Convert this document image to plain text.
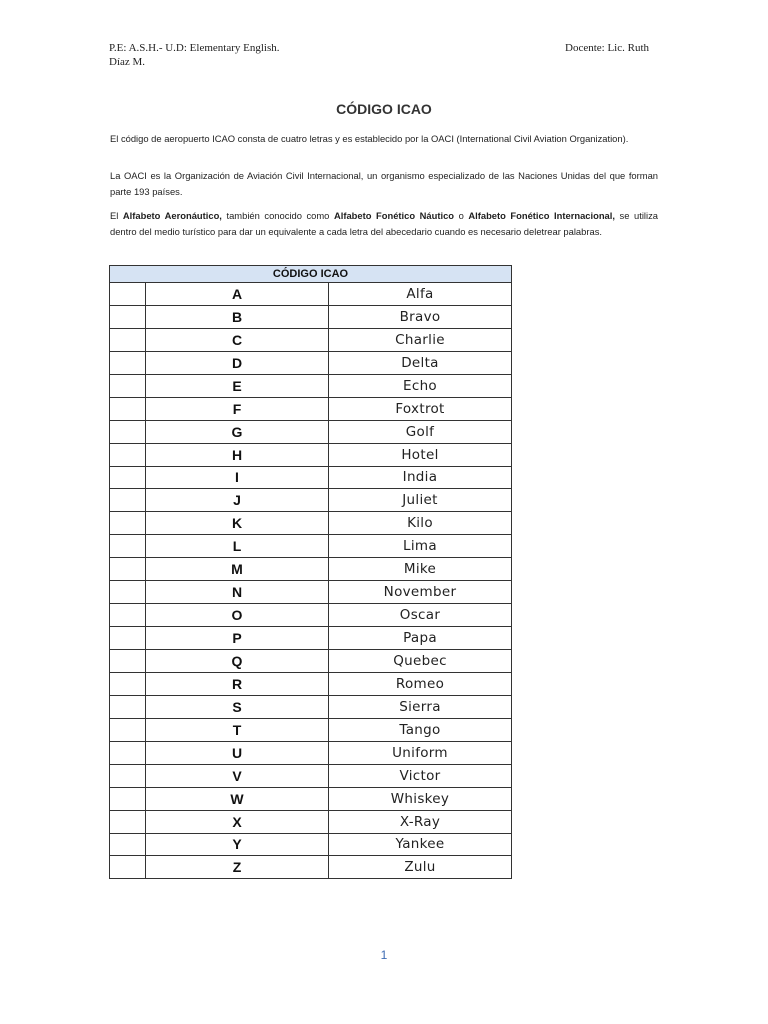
P.E: A.S.H.- U.D: Elementary English.
Díaz M.
Docente: Lic. Ruth
CÓDIGO ICAO

El código de aeropuerto ICAO consta de cuatro letras y es establecido por la OACI (International Civil Aviation Organization).

La OACI es la Organización de Aviación Civil Internacional, un organismo especializado de las Naciones Unidas del que forman parte 193 países.

El Alfabeto Aeronáutico, también conocido como Alfabeto Fonético Náutico o Alfabeto Fonético Internacional, se utiliza dentro del medio turístico para dar un equivalente a cada letra del abecedario cuando es necesario deletrear palabras.

CÓDIGO ICAO		
	A	Alfa
	B	Bravo
	C	Charlie
	D	Delta
	E	Echo
	F	Foxtrot
	G	Golf
	H	Hotel
	I	India
	J	Juliet
	K	Kilo
	L	Lima
	M	Mike
	N	November
	O	Oscar
	P	Papa
	Q	Quebec
	R	Romeo
	S	Sierra
	T	Tango
	U	Uniform
	V	Victor
	W	Whiskey
	X	X-Ray
	Y	Yankee
	Z	Zulu
1
